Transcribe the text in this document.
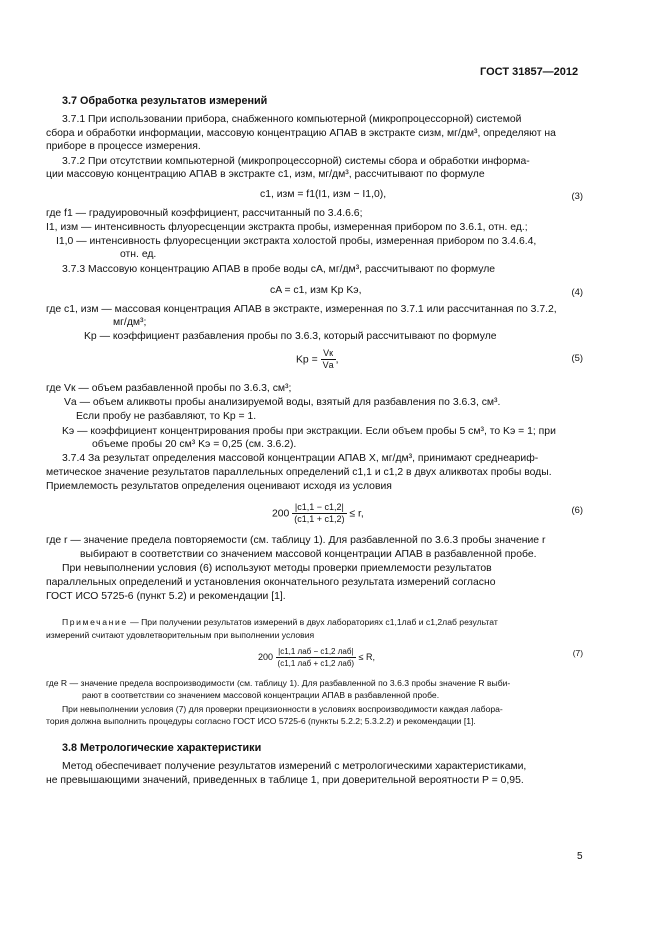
ГОСТ 31857—2012
3.7 Обработка результатов измерений
3.7.1 При использовании прибора, снабженного компьютерной (микропроцессорной) системой
сбора и обработки информации, массовую концентрацию АПАВ в экстракте cизм, мг/дм³, определяют на
приборе в процессе измерения.
3.7.2 При отсутствии компьютерной (микропроцессорной) системы сбора и обработки информа-
ции массовую концентрацию АПАВ в экстракте c1, изм, мг/дм³, рассчитывают по формуле
c1, изм = f1(I1, изм − I1,0),	(3)
где f1 — градуировочный коэффициент, рассчитанный по 3.4.6.6;
I1, изм — интенсивность флуоресценции экстракта пробы, измеренная прибором по 3.6.1, отн. ед.;
I1,0 — интенсивность флуоресценции экстракта холостой пробы, измеренная прибором по 3.4.6.4,
отн. ед.
3.7.3 Массовую концентрацию АПАВ в пробе воды cA, мг/дм³, рассчитывают по формуле
cA = c1, изм Kр Kэ,	(4)
где c1, изм — массовая концентрация АПАВ в экстракте, измеренная по 3.7.1 или рассчитанная по 3.7.2,
мг/дм³;
Kр — коэффициент разбавления пробы по 3.6.3, который рассчитывают по формуле
Kр = $\frac{Vк}{Vа}$ ,	(5)
где Vк — объем разбавленной пробы по 3.6.3, см³;
Vа — объем аликвоты пробы анализируемой воды, взятый для разбавления по 3.6.3, см³.
Если пробу не разбавляют, то Kр = 1.
Kэ — коэффициент концентрирования пробы при экстракции. Если объем пробы 5 см³, то Kэ = 1; при
объеме пробы 20 см³ Kэ = 0,25 (см. 3.6.2).
3.7.4 За результат определения массовой концентрации АПАВ X, мг/дм³, принимают среднеариф-
метическое значение результатов параллельных определений c1,1 и c1,2 в двух аликвотах пробы воды.
Приемлемость результатов определения оценивают исходя из условия
$200 \frac{|c1,1 - c1,2|}{(c1,1 + c1,2)} \le r$,	(6)
где r — значение предела повторяемости (см. таблицу 1). Для разбавленной по 3.6.3 пробы значение r
выбирают в соответствии со значением массовой концентрации АПАВ в разбавленной пробе.
При невыполнении условия (6) используют методы проверки приемлемости результатов
параллельных определений и установления окончательного результата измерений согласно
ГОСТ ИСО 5725-6 (пункт 5.2) и рекомендации [1].
Примечание — При получении результатов измерений в двух лабораториях c1,1лаб и c1,2лаб результат
измерений считают удовлетворительным при выполнении условия
$200 \frac{\text{|c1,1 лаб − c1,2 лаб|}}{\text{(c1,1 лаб + c1,2 лаб)}} \le R$,	(7)
где R — значение предела воспроизводимости (см. таблицу 1). Для разбавленной по 3.6.3 пробы значение R выби-
рают в соответствии со значением массовой концентрации АПАВ в разбавленной пробе.
При невыполнении условия (7) для проверки прецизионности в условиях воспроизводимости каждая лабора-
тория должна выполнить процедуры согласно ГОСТ ИСО 5725-6 (пункты 5.2.2; 5.3.2.2) и рекомендации [1].
3.8 Метрологические характеристики
Метод обеспечивает получение результатов измерений с метрологическими характеристиками,
не превышающими значений, приведенных в таблице 1, при доверительной вероятности P = 0,95.
5
